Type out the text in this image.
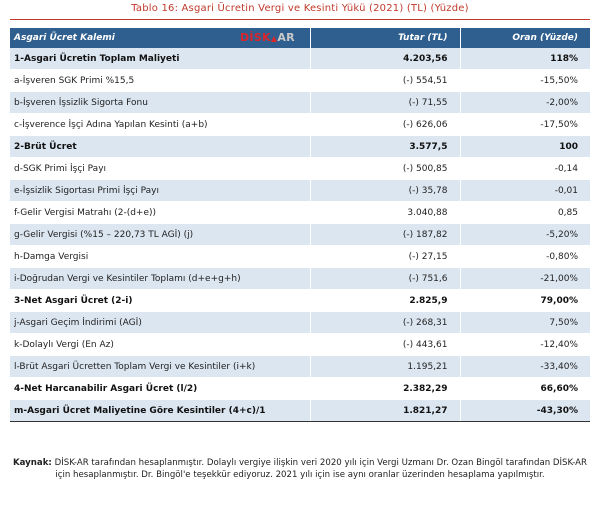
Tablo 16: Asgari Ücretin Vergi ve Kesinti Yükü (2021) (TL) (Yüzde)
Asgari Ücret Kalemi DİSK▲AR	Tutar (TL)	Oran (Yüzde)
1-Asgari Ücretin Toplam Maliyeti	4.203,56	118%
a-İşveren SGK Primi %15,5	(-) 554,51	-15,50%
b-İşveren İşsizlik Sigorta Fonu	(-) 71,55	-2,00%
c-İşverence İşçi Adına Yapılan Kesinti (a+b)	(-) 626,06	-17,50%
2-Brüt Ücret	3.577,5	100
d-SGK Primi İşçi Payı	(-) 500,85	-0,14
e-İşsizlik Sigortası Primi İşçi Payı	(-) 35,78	-0,01
f-Gelir Vergisi Matrahı (2-(d+e))	3.040,88	0,85
g-Gelir Vergisi (%15 – 220,73 TL AGİ) (j)	(-) 187,82	-5,20%
h-Damga Vergisi	(-) 27,15	-0,80%
i-Doğrudan Vergi ve Kesintiler Toplamı (d+e+g+h)	(-) 751,6	-21,00%
3-Net Asgari Ücret (2-i)	2.825,9	79,00%
j-Asgari Geçim İndirimi (AGİ)	(-) 268,31	7,50%
k-Dolaylı Vergi (En Az)	(-) 443,61	-12,40%
l-Brüt Asgari Ücretten Toplam Vergi ve Kesintiler (i+k)	1.195,21	-33,40%
4-Net Harcanabilir Asgari Ücret (l/2)	2.382,29	66,60%
m-Asgari Ücret Maliyetine Göre Kesintiler (4+c)/1	1.821,27	-43,30%
Kaynak: DİSK-AR tarafından hesaplanmıştır. Dolaylı vergiye ilişkin veri 2020 yılı için Vergi Uzmanı Dr. Ozan Bingöl tarafından DİSK-AR için hesaplanmıştır. Dr. Bingöl'e teşekkür ediyoruz. 2021 yılı için ise aynı oranlar üzerinden hesaplama yapılmıştır.
